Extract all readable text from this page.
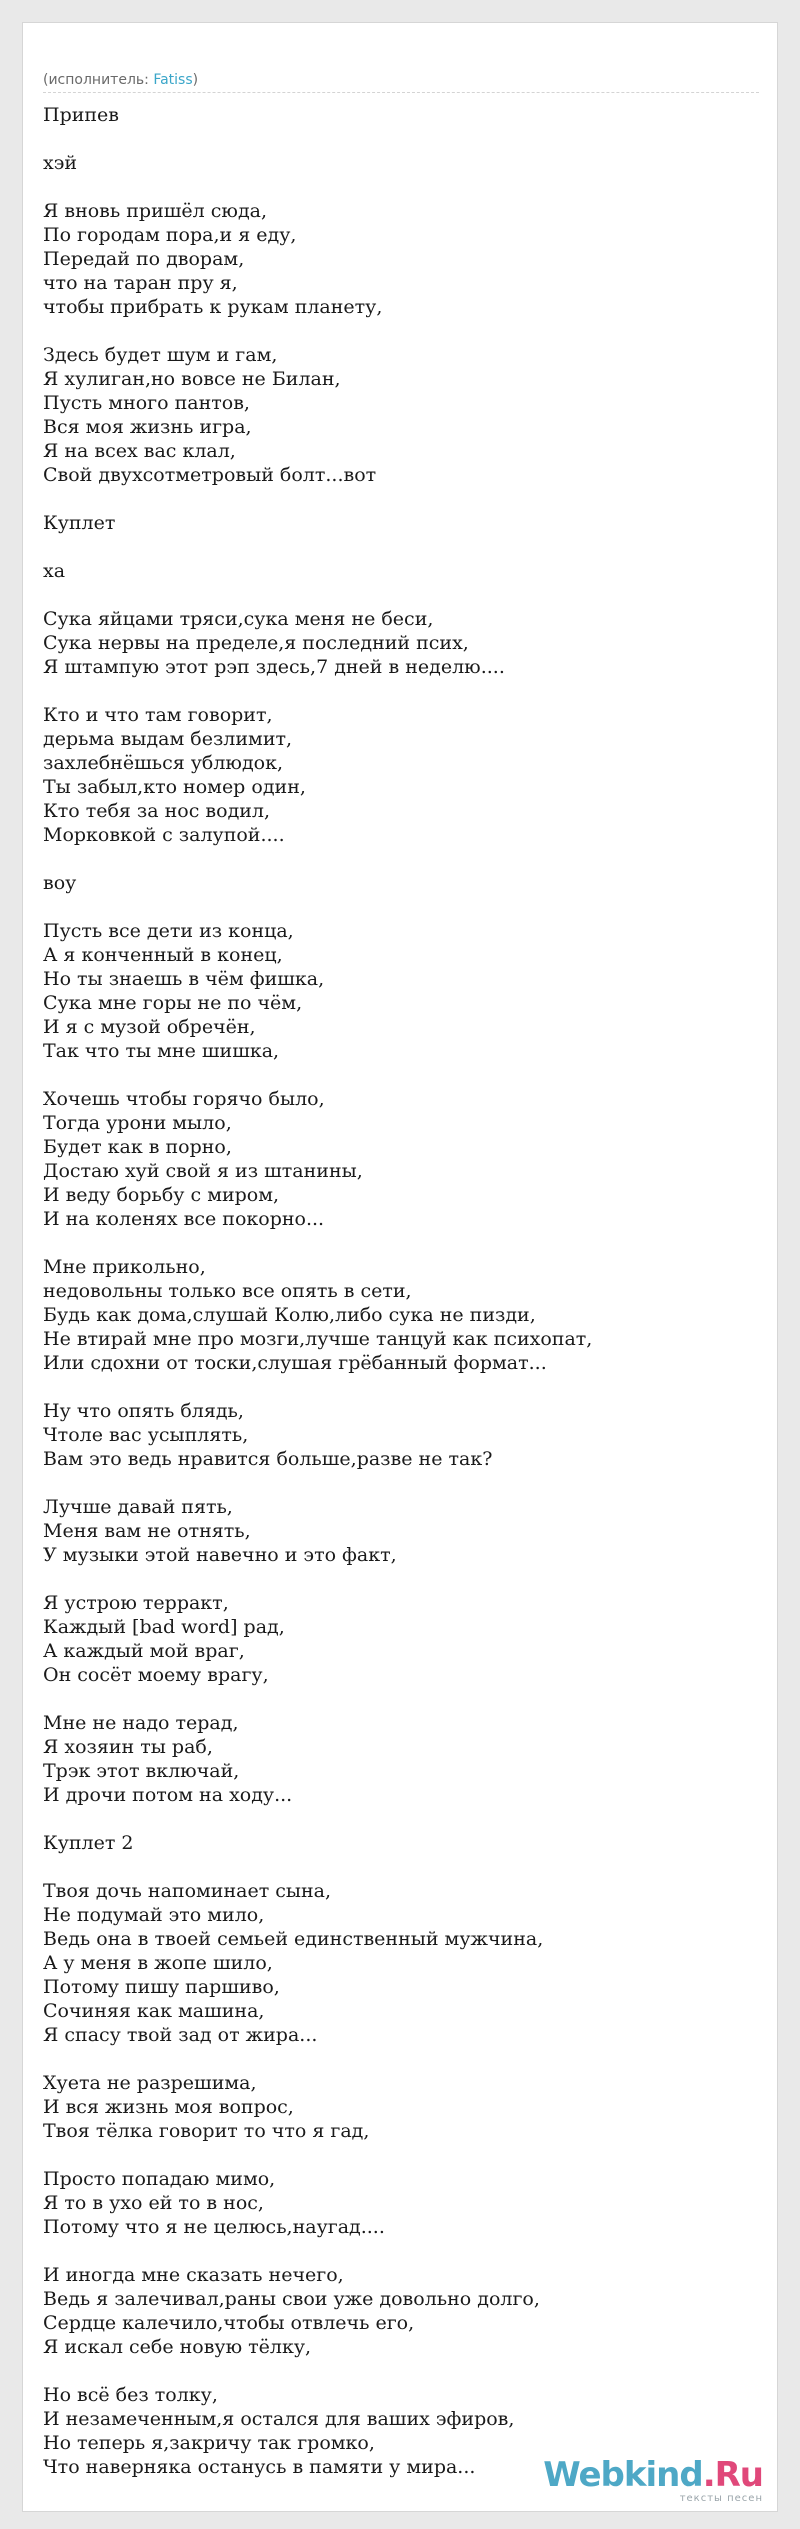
(исполнитель: Fatiss)
Припев
хэй
Я вновь пришёл сюда,
По городам пора,и я еду,
Передай по дворам,
что на таран пру я,
чтобы прибрать к рукам планету,
Здесь будет шум и гам,
Я хулиган,но вовсе не Билан,
Пусть много пантов,
Вся моя жизнь игра,
Я на всех вас клал,
Свой двухсотметровый болт...вот
Куплет
ха
Сука яйцами тряси,сука меня не беси,
Сука нервы на пределе,я последний псих,
Я штампую этот рэп здесь,7 дней в неделю....
Кто и что там говорит,
дерьма выдам безлимит,
захлебнёшься ублюдок,
Ты забыл,кто номер один,
Кто тебя за нос водил,
Морковкой с залупой....
воу
Пусть все дети из конца,
А я конченный в конец,
Но ты знаешь в чём фишка,
Сука мне горы не по чём,
И я с музой обречён,
Так что ты мне шишка,
Хочешь чтобы горячо было,
Тогда урони мыло,
Будет как в порно,
Достаю хуй свой я из штанины,
И веду борьбу с миром,
И на коленях все покорно...
Мне прикольно,
недовольны только все опять в сети,
Будь как дома,слушай Колю,либо сука не пизди,
Не втирай мне про мозги,лучше танцуй как психопат,
Или сдохни от тоски,слушая грёбанный формат...
Ну что опять блядь,
Чтоле вас усыплять,
Вам это ведь нравится больше,разве не так?
Лучше давай пять,
Меня вам не отнять,
У музыки этой навечно и это факт,
Я устрою терракт,
Каждый [bad word] рад,
А каждый мой враг,
Он сосёт моему врагу,
Мне не надо терад,
Я хозяин ты раб,
Трэк этот включай,
И дрочи потом на ходу...
Куплет 2
Твоя дочь напоминает сына,
Не подумай это мило,
Ведь она в твоей семьей единственный мужчина,
А у меня в жопе шило,
Потому пишу паршиво,
Сочиняя как машина,
Я спасу твой зад от жира...
Хуета не разрешима,
И вся жизнь моя вопрос,
Твоя тёлка говорит то что я гад,
Просто попадаю мимо,
Я то в ухо ей то в нос,
Потому что я не целюсь,наугад....
И иногда мне сказать нечего,
Ведь я залечивал,раны свои уже довольно долго,
Сердце калечило,чтобы отвлечь его,
Я искал себе новую тёлку,
Но всё без толку,
И незамеченным,я остался для ваших эфиров,
Но теперь я,закричу так громко,
Что наверняка останусь в памяти у мира...	Webkind.Ru
тексты песен
